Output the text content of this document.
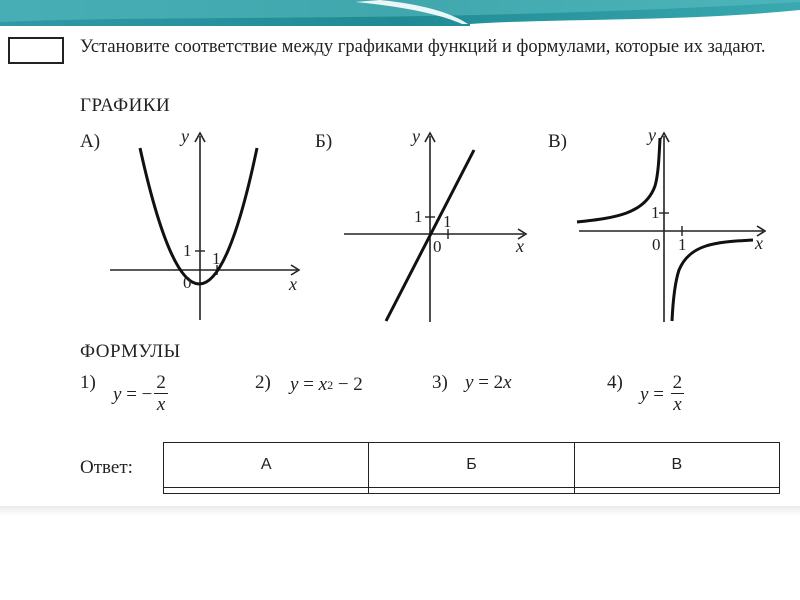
Установите соответствие между графиками функций и формулами, которые их задают.
ГРАФИКИ
А)	y
x
0
1 1
Б)	y
x
0
1 1
В)	y
x
0
1
1
ФОРМУЛЫ
1)
y = − $\frac{2}{x}$	2) y = x 2 − 2	3) y = 2 x	4)
$y = \frac{2}{x}$
Ответ:	А	Б	В
